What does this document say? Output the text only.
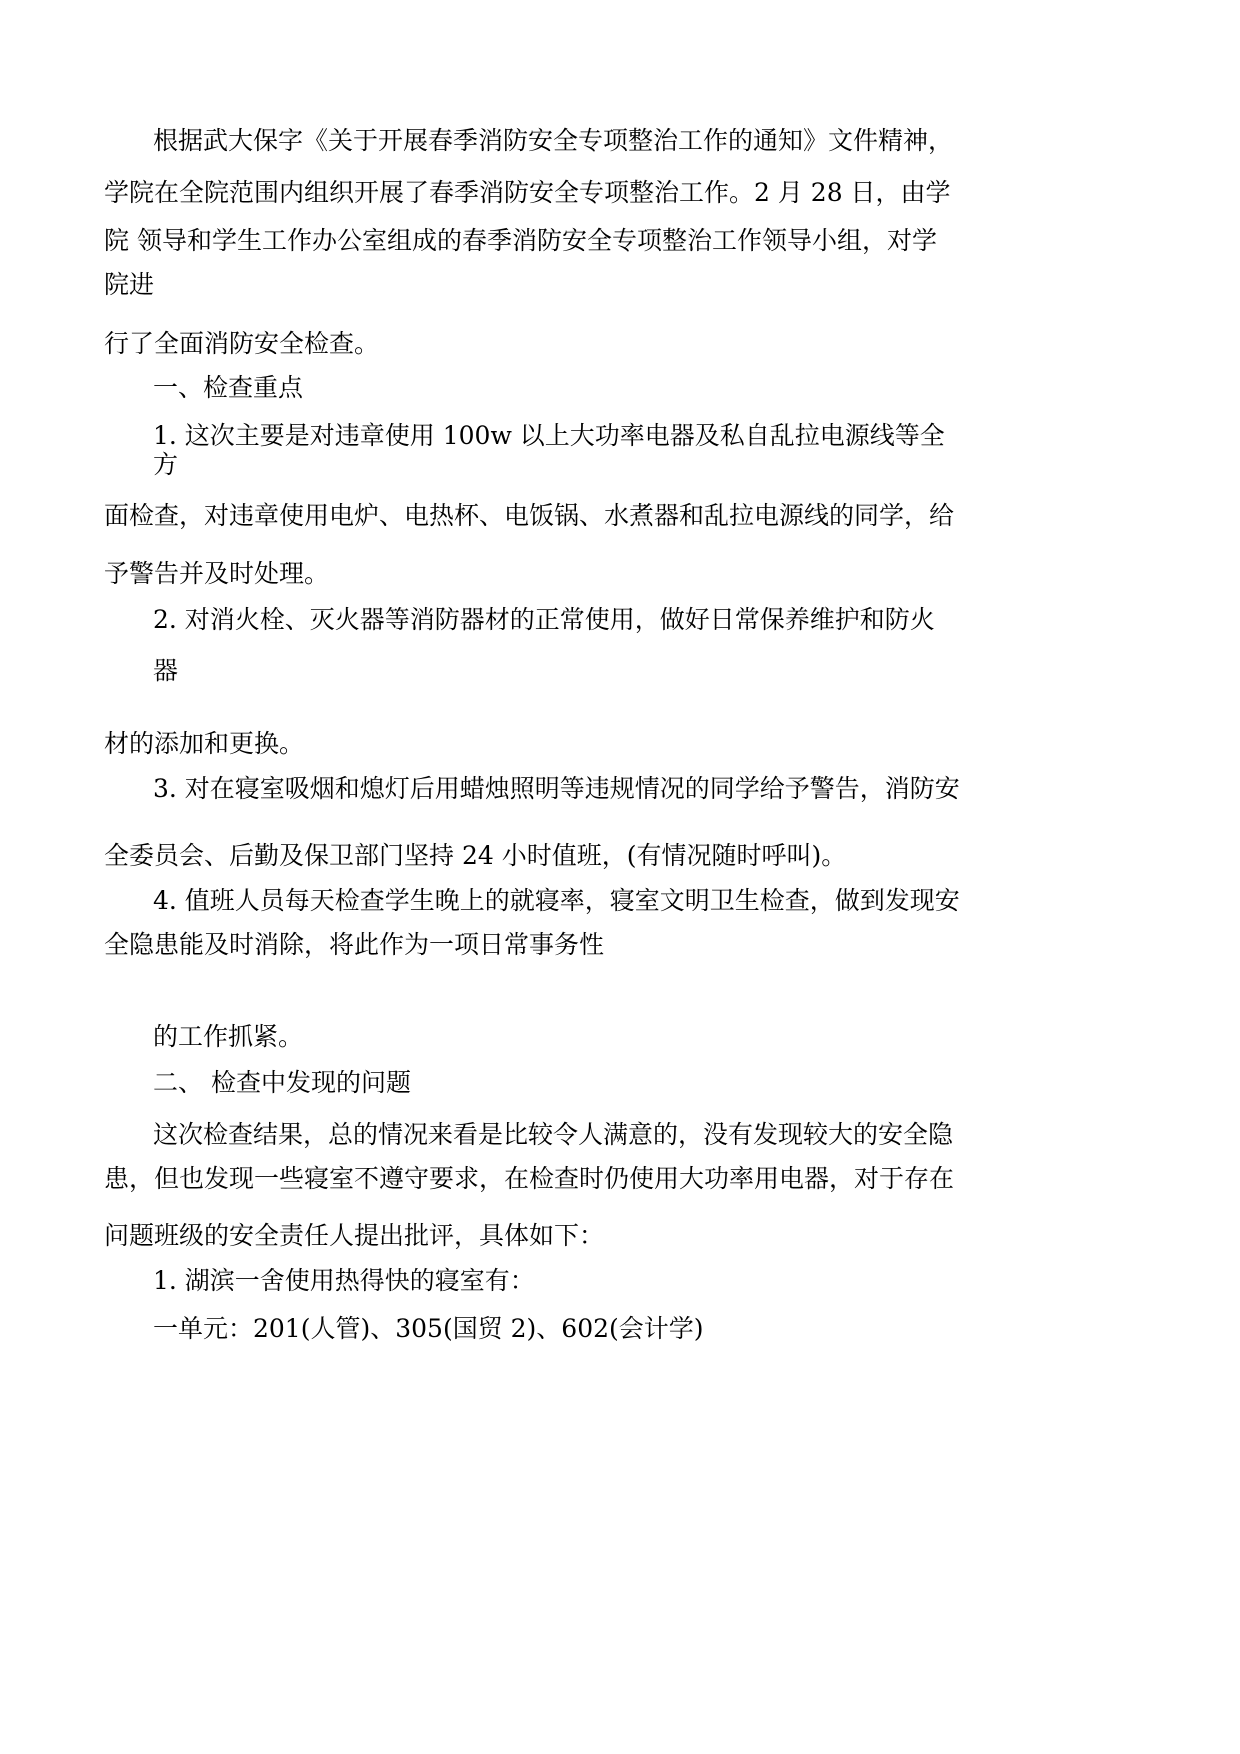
根据武大保字《关于开展春季消防安全专项整治工作的通知》文件精神，
学院在全院范围内组织开展了春季消防安全专项整治工作。2 月 28 日，由学
院 领导和学生工作办公室组成的春季消防安全专项整治工作领导小组，对学
院进
行了全面消防安全检查。
一、检查重点
1. 这次主要是对违章使用 100w 以上大功率电器及私自乱拉电源线等全
方
面检查，对违章使用电炉、电热杯、电饭锅、水煮器和乱拉电源线的同学，给
予警告并及时处理。
2. 对消火栓、灭火器等消防器材的正常使用，做好日常保养维护和防火
器
材的添加和更换。
3. 对在寝室吸烟和熄灯后用蜡烛照明等违规情况的同学给予警告，消防安
全委员会、后勤及保卫部门坚持 24 小时值班，(有情况随时呼叫)。
4. 值班人员每天检查学生晚上的就寝率，寝室文明卫生检查，做到发现安
全隐患能及时消除，将此作为一项日常事务性
的工作抓紧。
二、 检查中发现的问题
这次检查结果，总的情况来看是比较令人满意的，没有发现较大的安全隐
患，但也发现一些寝室不遵守要求，在检查时仍使用大功率用电器，对于存在
问题班级的安全责任人提出批评，具体如下：
1. 湖滨一舍使用热得快的寝室有：
一单元：201(人管)、305(国贸 2)、602(会计学)
